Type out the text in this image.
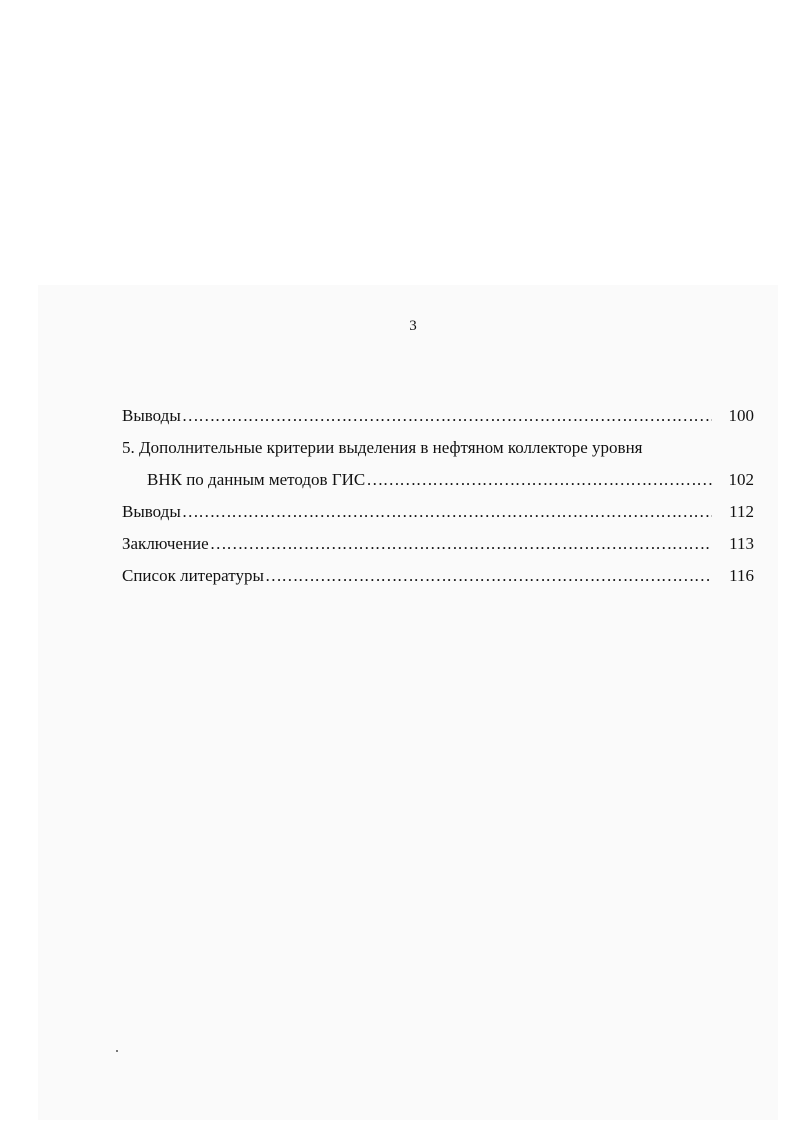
3
Выводы ……………………………………………………………………………………………………………………………………	100
5. Дополнительные критерии выделения в нефтяном коллекторе уровня
ВНК по данным методов ГИС ……………………………………………………………………………………………………………………………………	102
Выводы ……………………………………………………………………………………………………………………………………	112
Заключение ……………………………………………………………………………………………………………………………………	113
Список литературы ……………………………………………………………………………………………………………………………………	116
